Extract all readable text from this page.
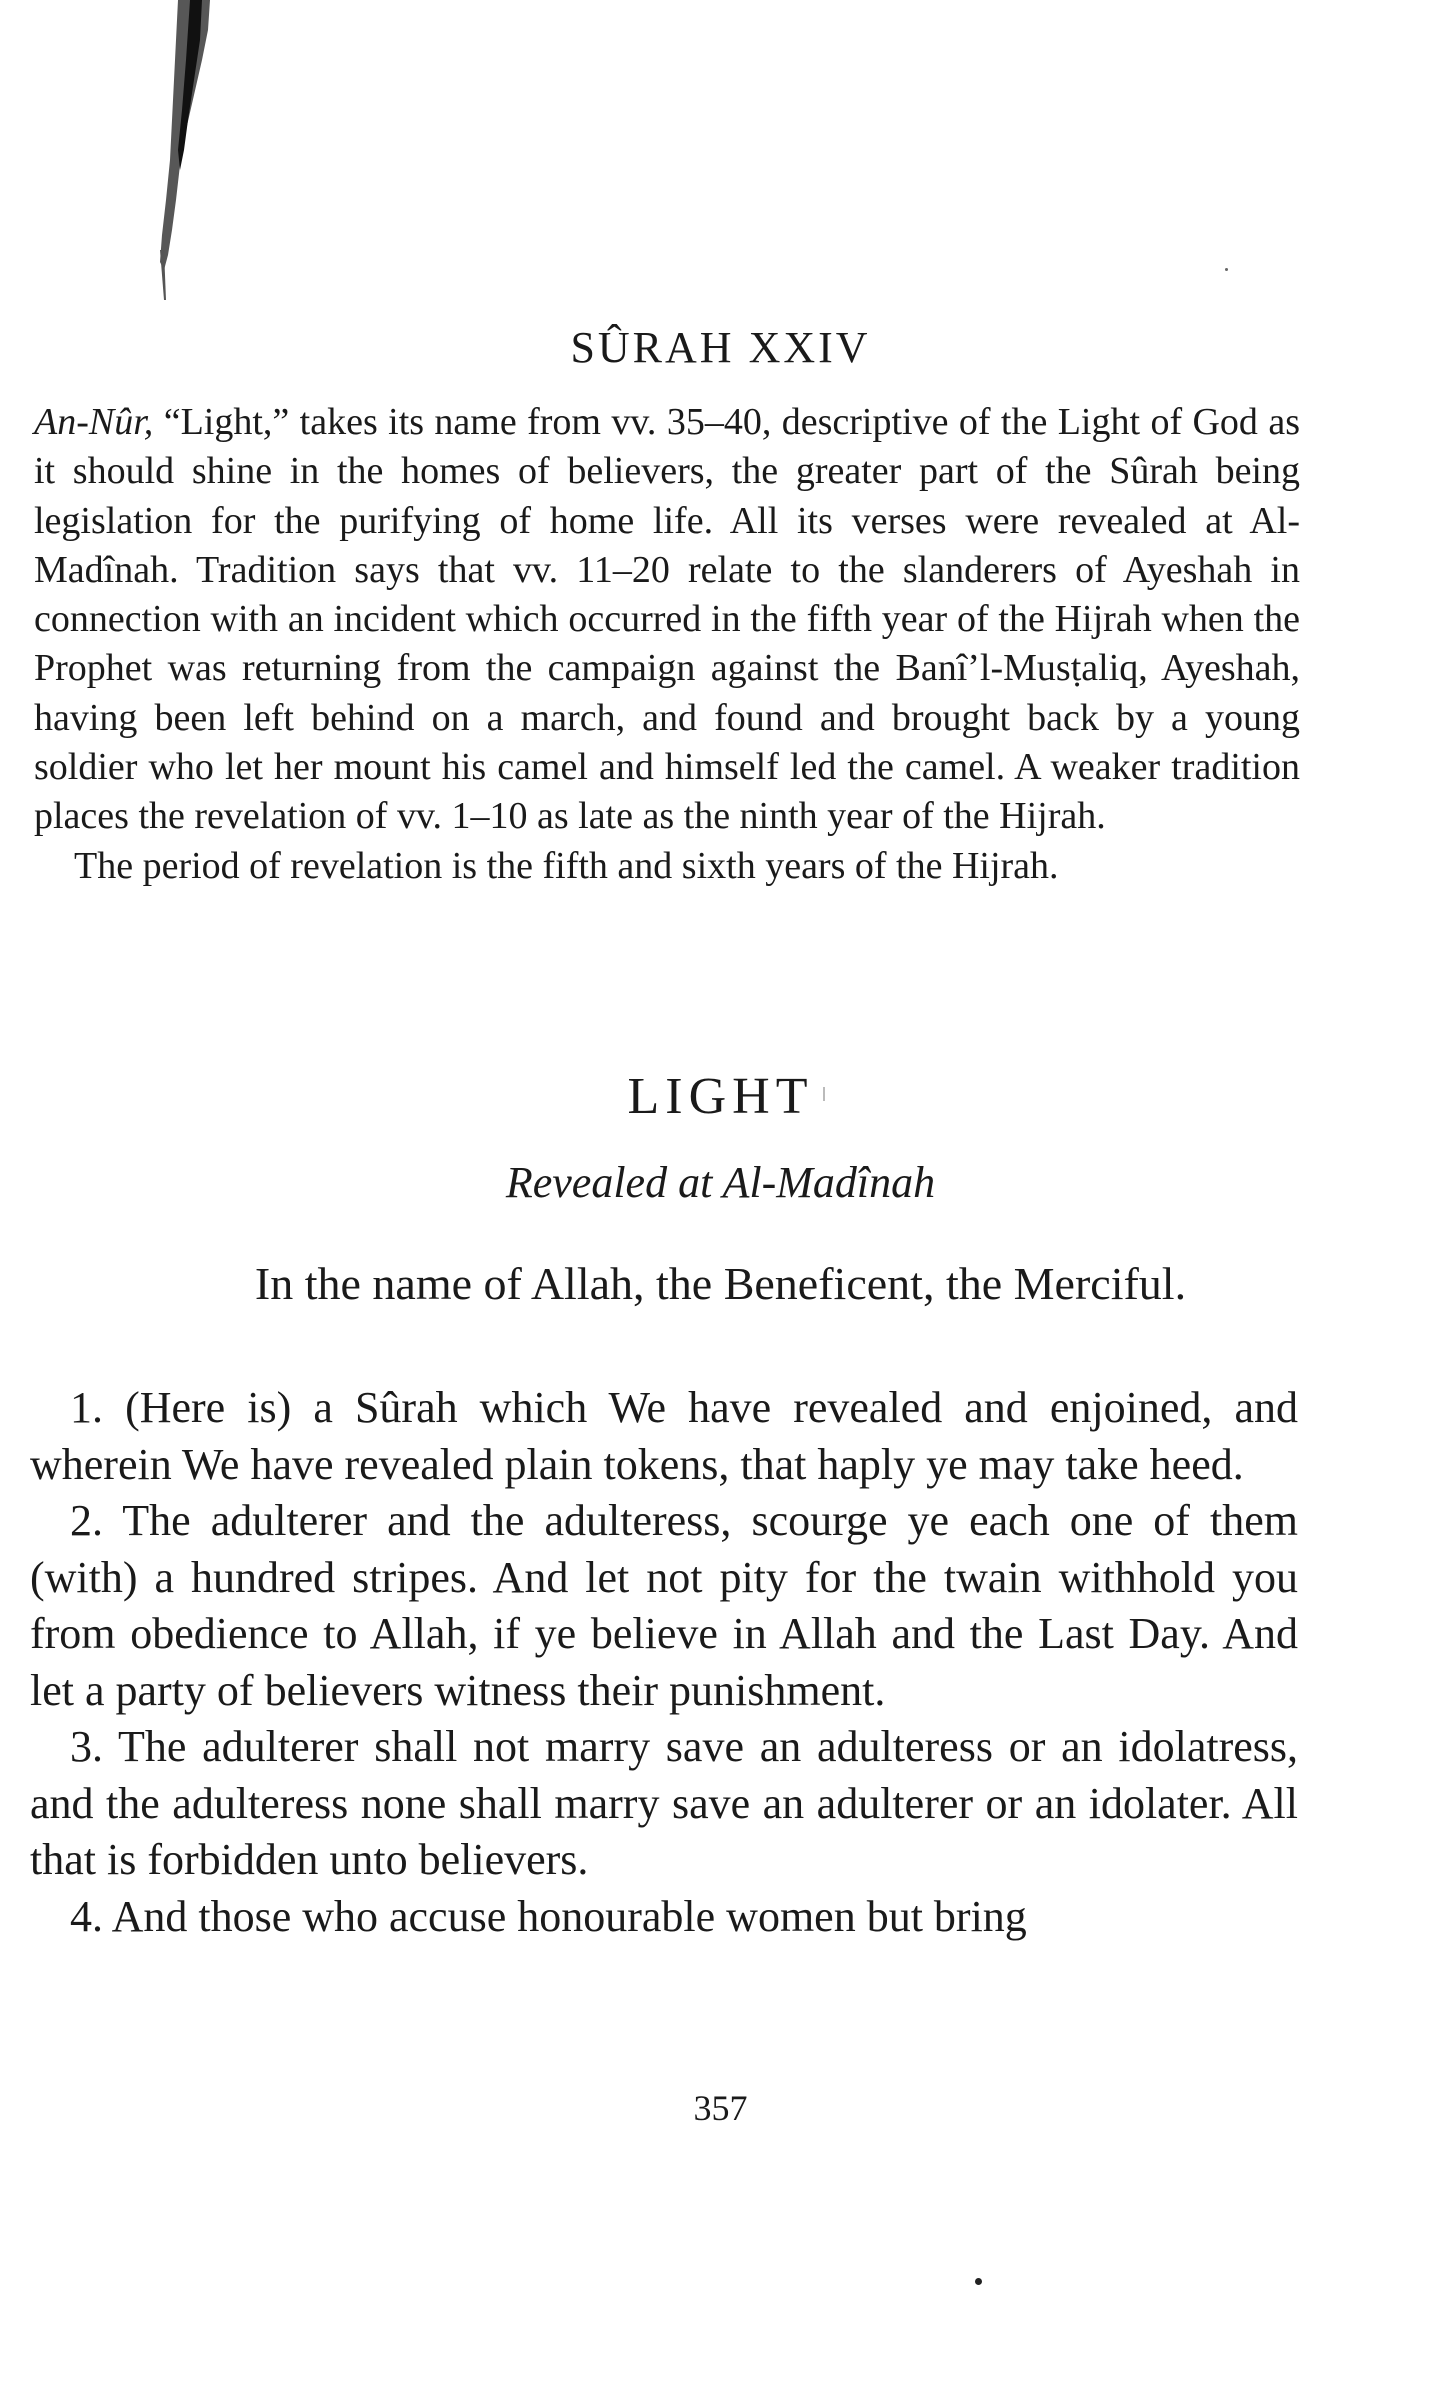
SÛRAH XXIV

An-Nûr, “Light,” takes its name from vv. 35–40, descriptive of the Light of God as it should shine in the homes of believers, the greater part of the Sûrah being legislation for the purifying of home life. All its verses were revealed at Al-Madînah. Tradition says that vv. 11–20 relate to the slanderers of Ayeshah in connection with an incident which occurred in the fifth year of the Hijrah when the Prophet was returning from the campaign against the Banî’l-Musṭaliq, Ayeshah, having been left behind on a march, and found and brought back by a young soldier who let her mount his camel and himself led the camel. A weaker tradition places the revelation of vv. 1–10 as late as the ninth year of the Hijrah.

The period of revelation is the fifth and sixth years of the Hijrah.

LIGHT
Revealed at Al-Madînah
In the name of Allah, the Beneficent, the Merciful.

1. (Here is) a Sûrah which We have revealed and enjoined, and wherein We have revealed plain tokens, that haply ye may take heed.

2. The adulterer and the adulteress, scourge ye each one of them (with) a hundred stripes. And let not pity for the twain withhold you from obedience to Allah, if ye believe in Allah and the Last Day. And let a party of believers witness their punishment.

3. The adulterer shall not marry save an adulteress or an idolatress, and the adulteress none shall marry save an adulterer or an idolater. All that is forbidden unto believers.

4. And those who accuse honourable women but bring

357
